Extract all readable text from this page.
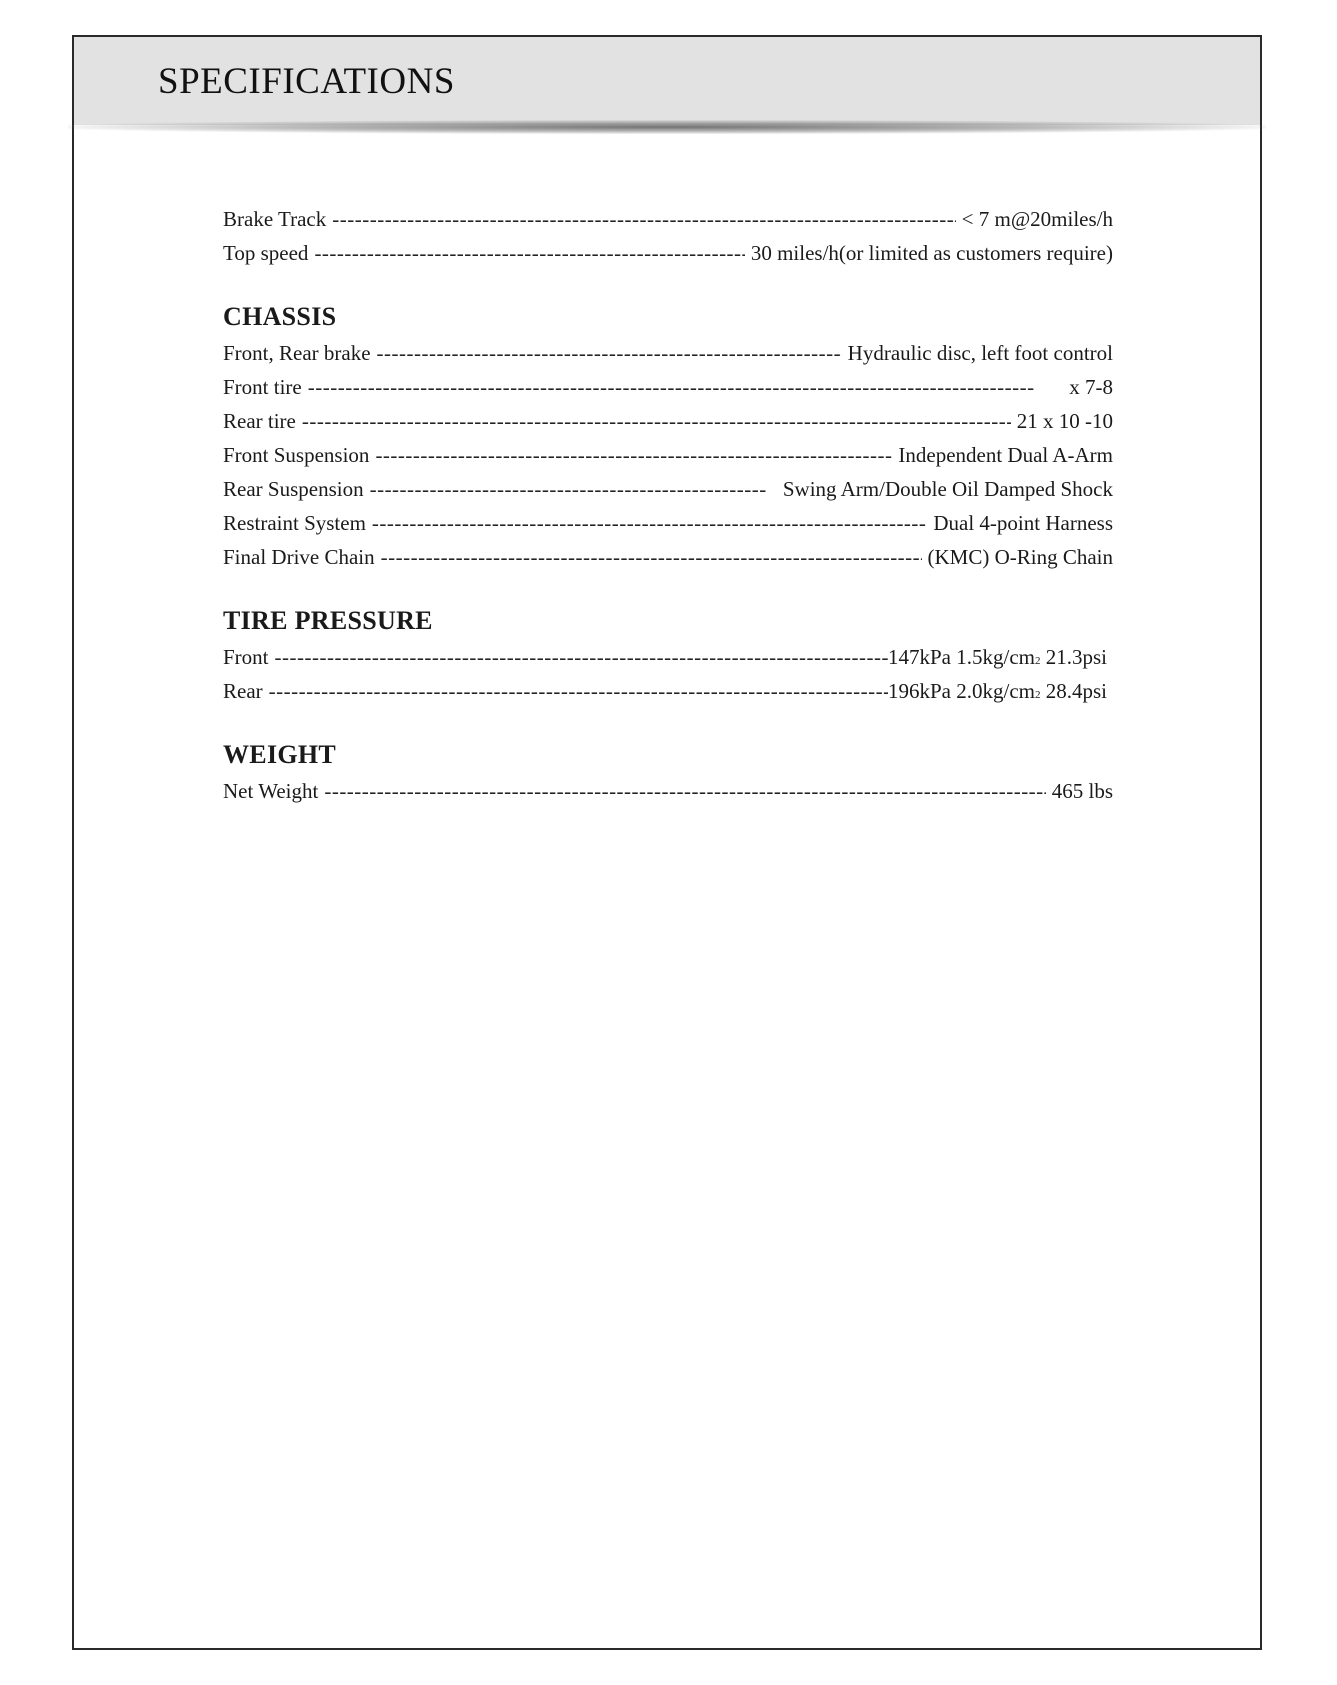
SPECIFICATIONS
Brake Track -----	< 7 m@20miles/h
Top speed -----	30 miles/h(or limited as customers require)
CHASSIS
Front, Rear brake -----	Hydraulic disc, left foot control
Front tire -----	x 7-8
Rear tire -----	21 x 10 -10
Front Suspension -----	Independent Dual A-Arm
Rear Suspension -----	Swing Arm/Double Oil Damped Shock
Restraint System -----	Dual 4-point Harness
Final Drive Chain -----	(KMC) O-Ring Chain
TIRE PRESSURE
Front -----	147kPa 1.5kg/cm2 21.3psi
Rear -----	196kPa 2.0kg/cm2 28.4psi
WEIGHT
Net Weight -----	465 lbs
